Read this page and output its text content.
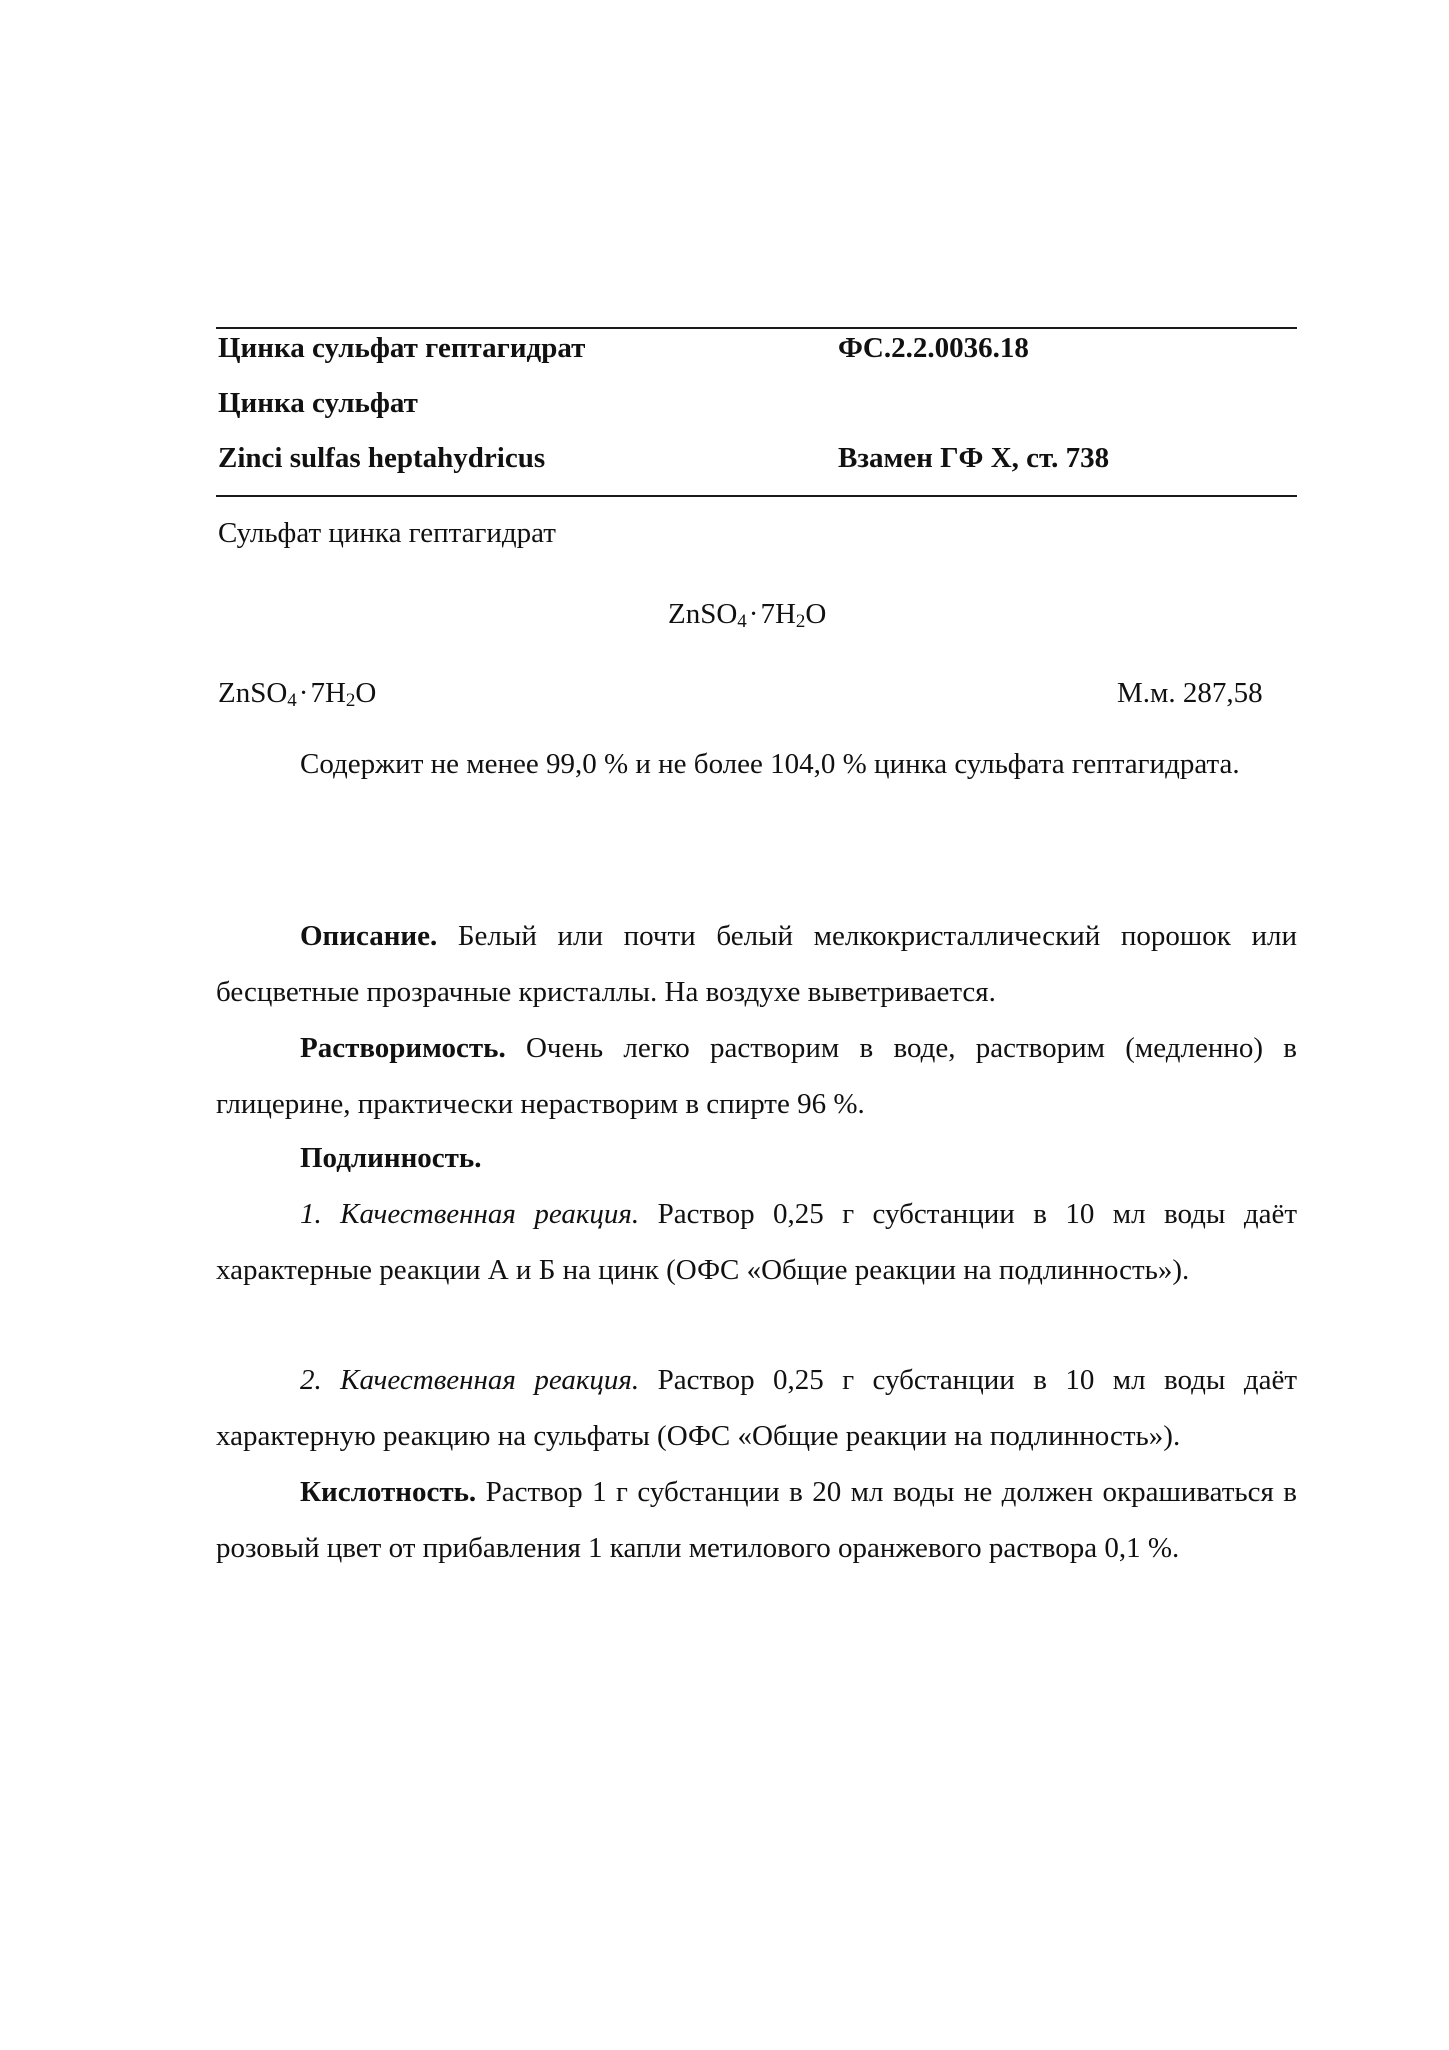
Цинка сульфат гептагидрат	ФС.2.2.0036.18
Цинка сульфат
Zinci sulfas heptahydricus	Взамен ГФ X, ст. 738
Сульфат цинка гептагидрат
$ZnSO_4\cdot 7H_2O$
$ZnSO_4\cdot 7H_2O$	М.м. 287,58
Содержит не менее 99,0 % и не более 104,0 % цинка сульфата гептагидрата.
Описание. Белый или почти белый мелкокристаллический порошок или бесцветные прозрачные кристаллы. На воздухе выветривается.
Растворимость. Очень легко растворим в воде, растворим (медленно) в глицерине, практически нерастворим в спирте 96 %.
Подлинность.
1. Качественная реакция. Раствор 0,25 г субстанции в 10 мл воды даёт характерные реакции А и Б на цинк (ОФС «Общие реакции на подлинность»).
2. Качественная реакция. Раствор 0,25 г субстанции в 10 мл воды даёт характерную реакцию на сульфаты (ОФС «Общие реакции на подлинность»).
Кислотность. Раствор 1 г субстанции в 20 мл воды не должен окрашиваться в розовый цвет от прибавления 1 капли метилового оранжевого раствора 0,1 %.
